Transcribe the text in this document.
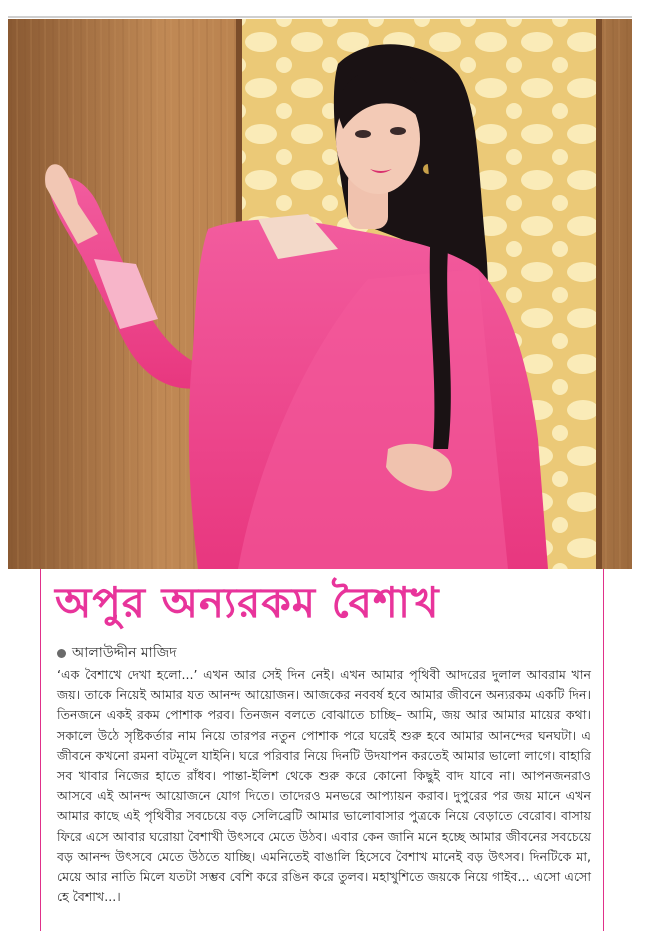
অপুর অন্যরকম বৈশাখ
আলাউদ্দীন মাজিদ

‘এক বৈশাখে দেখা হলো...’ এখন আর সেই দিন নেই। এখন আমার পৃথিবী আদরের দুলাল আবরাম খান জয়। তাকে নিয়েই আমার যত আনন্দ আয়োজন। আজকের নববর্ষ হবে আমার জীবনে অন্যরকম একটি দিন। তিনজনে একই রকম পোশাক পরব। তিনজন বলতে বোঝাতে চাচ্ছি– আমি, জয় আর আমার মায়ের কথা। সকালে উঠে সৃষ্টিকর্তার নাম নিয়ে তারপর নতুন পোশাক পরে ঘরেই শুরু হবে আমার আনন্দের ঘনঘটা। এ জীবনে কখনো রমনা বটমূলে যাইনি। ঘরে পরিবার নিয়ে দিনটি উদযাপন করতেই আমার ভালো লাগে। বাহারি সব খাবার নিজের হাতে রাঁধব। পান্তা-ইলিশ থেকে শুরু করে কোনো কিছুই বাদ যাবে না। আপনজনরাও আসবে এই আনন্দ আয়োজনে যোগ দিতে। তাদেরও মনভরে আপ্যায়ন করাব। দুপুরের পর জয় মানে এখন আমার কাছে এই পৃথিবীর সবচেয়ে বড় সেলিব্রেটি আমার ভালোবাসার পুত্রকে নিয়ে বেড়াতে বেরোব। বাসায় ফিরে এসে আবার ঘরোয়া বৈশাখী উৎসবে মেতে উঠব। এবার কেন জানি মনে হচ্ছে আমার জীবনের সবচেয়ে বড় আনন্দ উৎসবে মেতে উঠতে যাচ্ছি। এমনিতেই বাঙালি হিসেবে বৈশাখ মানেই বড় উৎসব। দিনটিকে মা, মেয়ে আর নাতি মিলে যতটা সম্ভব বেশি করে রঙিন করে তুলব। মহাখুশিতে জয়কে নিয়ে গাইব... এসো এসো হে বৈশাখ...।
